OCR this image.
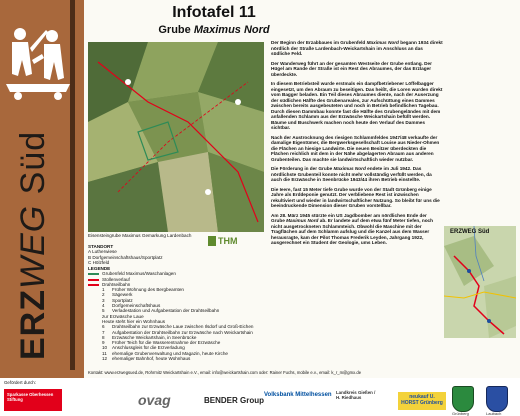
ERZWEG Süd
Infotafel 11
Grube Maximus Nord
Eisensteingrube Maximus Gemarkung Lardenbach
THM
STANDORT
A Lutherwiese
B Dorfgemeinschaftshaus/Sportplatz
C Hölzfeld
LEGENDE
Grubenfeld Maximus/Waschanlagen
Stollenverlauf
Drahtseilbahn
1 Früher Wohnung des Bergbeamten
2 Sägewerk
3 Sportplatz
4 Dorfgemeinschaftshaus
5 Verladestation und Aufgabestation der Drahtseilbahn
zur Erzwäsche Laue
Heute steht hier ein Wohnhaus
6 Drahtseilbahn zur Erzwäsche Laue zwischen Ilsdorf und Groß-Eichen
7 Aufgabestation der Drahtseilbahn zur Erzwäsche nach Weickartshain
8 Erzwäsche Weickartshain, in Seenbrücke
9 Früher Teich für die Wasserentnahme der Erzwäsche
10 Anschlussgleis für die Erzverladung
11 ehemalige Grubenverwaltung und Magazin, heute Kirche
12 ehemaliger Bahnhof, heute Wohnhaus

Der Beginn der Erzabbaues im Grubenfeld Maximus Nord begann 1934 direkt nördlich der Straße Lardenbach-Weickartshain im Anschluss an das südliche Feld.

Der Wanderweg führt an der gesamten Westseite der Grube entlang. Der Hügel am Rande der Straße ist ein Rest des Abraumes, der das Erzlager überdeckte.

In diesem Betriebsteil wurde erstmals ein dampfbetriebener Löffelbagger eingesetzt, um den Abraum zu beseitigen. Das heißt, die Loren wurden direkt vom Bagger beladen. Ein Teil dieses Abraumes diente, nach der Auserzung der südlichen Hälfte des Grubenareales, zur Aufschüttung eines Dammes zwischen bereits ausgebeuteten und noch in Betrieb befindlichen Tagebau. Durch diesen Dammbau konnte fast die Hälfte des Grubengeländes mit dem anfallenden Schlamm aus der Erzwäsche Weickartshain befüllt werden. Bäume und Buschwerk machen noch heute den Verlauf des Dammes sichtbar.

Nach der Austrocknung des riesigen Schlammfeldes 1947/48 verkaufte der damalige Eigentümer, die Bergwerksgesellschaft Louise aus Nieder-Ohmen die Flächen an hiesige Landwirte. Die neuen Besitzer überdeckten die Flächen reichlich mit dem in der Nähe abgelagerten Abraum aus anderen Grubenteilen. Das machte sie landwirtschaftlich wieder nutzbar.

Die Förderung in der Grube Maximus Nord endete im Juli 1942. Das nördlichste Grubenteil konnte nicht mehr vollständig verfüllt werden, da auch die Erzwäsche in Seenbrücke 1943/44 ihren Betrieb einstellte.

Die Ieere, fast 15 Meter tiefe Grube wurde von der Stadt Grünberg einige Jahre als Erddeponie genutzt. Der verbliebene Rest ist inzwischen rekultiviert und wieder in landwirtschaftlicher Nutzung. So bleibt für uns die beeindruckende Dimension dieser Gruben vorstellbar.

Am 28. März 1945 stürzte ein US Jagdbomber am nördlichen Ende der Grube Maximus Nord ab. Er landete auf dem etwa fünf Meter tiefen, noch nicht ausgetrockneten Schlammteich. Obwohl die Maschine mit der Tragflächen auf dem Schlamm aufslug und die Kanzel aus dem Wasser herausragte, kam der Pilot Thomas Frederik Leyden, Jahrgang 1922, ausgerechnet ein Student der Geologie, ums Leben.

ERZWEG Süd
Kontakt: www.erzwegsued.de, Rohrmitz Weickartshain e.V., email: info@weickartshain.com oder: Rainer Fuchs, mobile e.v., email: k_r_m@gmx.de
Gefördert durch:
Sparkasse Oberhessen Stiftung	ovag	BENDER Group
Volksbank Mittelhessen Landkreis Gießen / H. Riedhaus	neukauf U. HORST Grünberg
Grünberg	Laubach
